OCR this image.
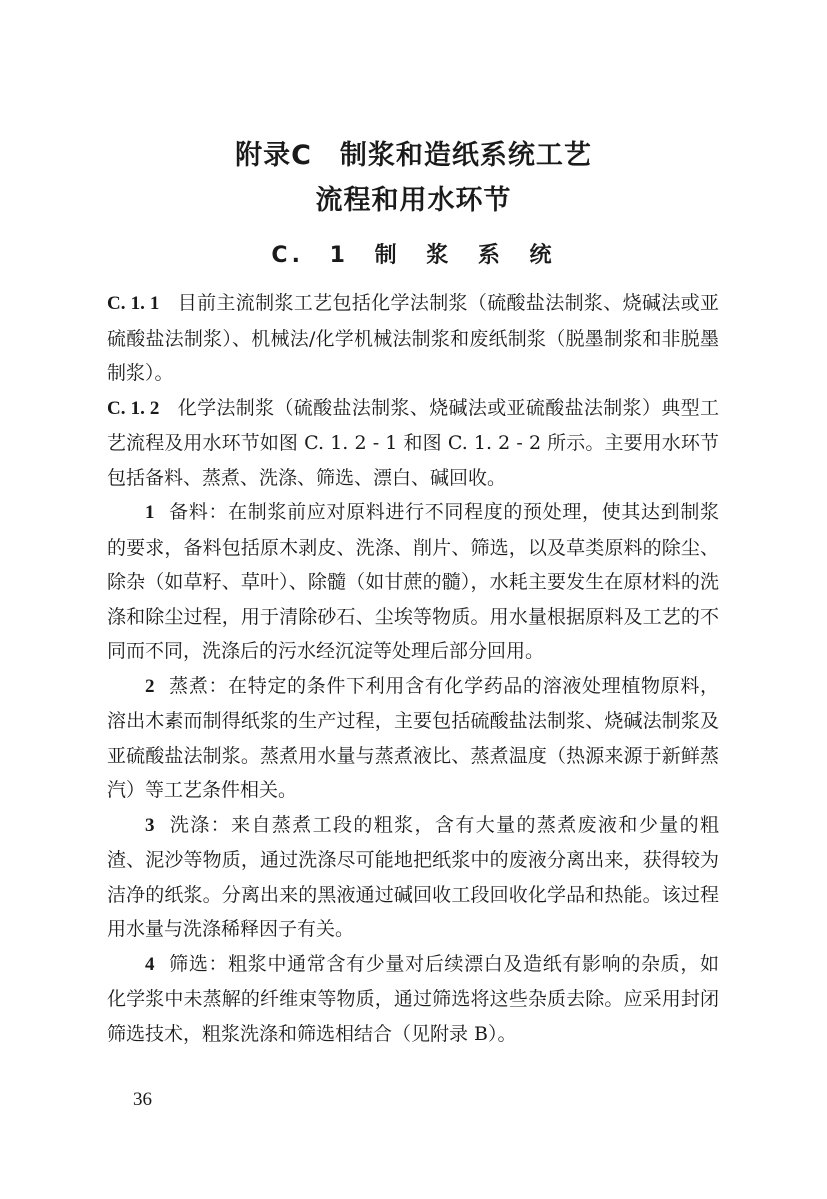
附录C　制浆和造纸系统工艺
流程和用水环节
C. 1 制 浆 系 统

C. 1. 1 目前主流制浆工艺包括化学法制浆（硫酸盐法制浆、烧碱法或亚硫酸盐法制浆）、机械法/化学机械法制浆和废纸制浆（脱墨制浆和非脱墨制浆）。

C. 1. 2 化学法制浆（硫酸盐法制浆、烧碱法或亚硫酸盐法制浆）典型工艺流程及用水环节如图 C. 1. 2 - 1 和图 C. 1. 2 - 2 所示。主要用水环节包括备料、蒸煮、洗涤、筛选、漂白、碱回收。

1 备料：在制浆前应对原料进行不同程度的预处理，使其达到制浆的要求，备料包括原木剥皮、洗涤、削片、筛选，以及草类原料的除尘、除杂（如草籽、草叶）、除髓（如甘蔗的髓），水耗主要发生在原材料的洗涤和除尘过程，用于清除砂石、尘埃等物质。用水量根据原料及工艺的不同而不同，洗涤后的污水经沉淀等处理后部分回用。

2 蒸煮：在特定的条件下利用含有化学药品的溶液处理植物原料，溶出木素而制得纸浆的生产过程，主要包括硫酸盐法制浆、烧碱法制浆及亚硫酸盐法制浆。蒸煮用水量与蒸煮液比、蒸煮温度（热源来源于新鲜蒸汽）等工艺条件相关。

3 洗涤：来自蒸煮工段的粗浆，含有大量的蒸煮废液和少量的粗渣、泥沙等物质，通过洗涤尽可能地把纸浆中的废液分离出来，获得较为洁净的纸浆。分离出来的黑液通过碱回收工段回收化学品和热能。该过程用水量与洗涤稀释因子有关。

4 筛选：粗浆中通常含有少量对后续漂白及造纸有影响的杂质，如化学浆中未蒸解的纤维束等物质，通过筛选将这些杂质去除。应采用封闭筛选技术，粗浆洗涤和筛选相结合（见附录 B）。

36
